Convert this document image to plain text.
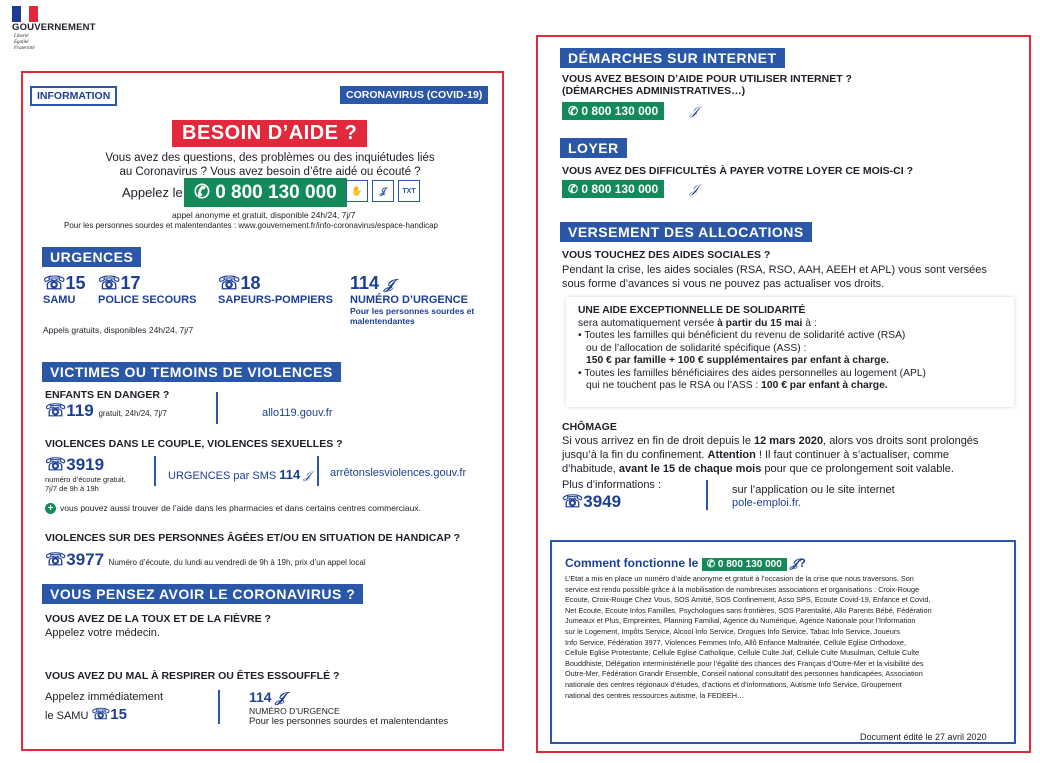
GOUVERNEMENT
Liberté
Égalité
Fraternité
INFORMATION	CORONAVIRUS (COVID-19)
BESOIN D’AIDE ?
Vous avez des questions, des problèmes ou des inquiétudes liés
au Coronavirus ? Vous avez besoin d’être aidé ou écouté ?
Appelez le ✆ 0 800 130 000	✋	𝒥	TXT
appel anonyme et gratuit, disponible 24h/24, 7j/7
Pour les personnes sourdes et malentendantes : www.gouvernement.fr/info-coronavirus/espace-handicap
URGENCES
☏15
SAMU
☏17
POLICE SECOURS
☏18
SAPEURS-POMPIERS
114 𝒥
NUMÉRO D’URGENCE
Pour les personnes sourdes et malentendantes
Appels gratuits, disponibles 24h/24, 7j/7
VICTIMES OU TEMOINS DE VIOLENCES
ENFANTS EN DANGER ?
☏119 gratuit, 24h/24, 7j/7	allo119.gouv.fr
VIOLENCES DANS LE COUPLE, VIOLENCES SEXUELLES ?
☏3919
numéro d’écoute gratuit,
7j/7 de 9h à 19h
URGENCES par SMS 114 𝒥 arrêtonslesviolences.gouv.fr
+ vous pouvez aussi trouver de l’aide dans les pharmacies et dans certains centres commerciaux.
VIOLENCES SUR DES PERSONNES ÂGÉES ET/OU EN SITUATION DE HANDICAP ?
☏3977 Numéro d’écoute, du lundi au vendredi de 9h à 19h, prix d’un appel local
VOUS PENSEZ AVOIR LE CORONAVIRUS ?
VOUS AVEZ DE LA TOUX ET DE LA FIÈVRE ?
Appelez votre médecin.
VOUS AVEZ DU MAL À RESPIRER OU ÊTES ESSOUFFLÉ ?
Appelez immédiatement
le SAMU ☏15
114 𝒥
NUMÉRO D’URGENCE
Pour les personnes sourdes et malentendantes
DÉMARCHES SUR INTERNET
VOUS AVEZ BESOIN D’AIDE POUR UTILISER INTERNET ?
(DÉMARCHES ADMINISTRATIVES…)
✆ 0 800 130 000	𝒥
LOYER
VOUS AVEZ DES DIFFICULTÉS À PAYER VOTRE LOYER CE MOIS-CI ?
✆ 0 800 130 000	𝒥
VERSEMENT DES ALLOCATIONS
VOUS TOUCHEZ DES AIDES SOCIALES ?
Pendant la crise, les aides sociales (RSA, RSO, AAH, AEEH et APL) vous sont versées
sous forme d’avances si vous ne pouvez pas actualiser vos droits.
UNE AIDE EXCEPTIONNELLE DE SOLIDARITÉ
sera automatiquement versée à partir du 15 mai à :
• Toutes les familles qui bénéficient du revenu de solidarité active (RSA)
ou de l’allocation de solidarité spécifique (ASS) :
150 € par famille + 100 € supplémentaires par enfant à charge.
• Toutes les familles bénéficiaires des aides personnelles au logement (APL)
qui ne touchent pas le RSA ou l’ASS : 100 € par enfant à charge.
CHÔMAGE
Si vous arrivez en fin de droit depuis le 12 mars 2020, alors vos droits sont prolongés
jusqu’à la fin du confinement. Attention ! Il faut continuer à s’actualiser, comme
d’habitude, avant le 15 de chaque mois pour que ce prolongement soit valable.
Plus d’informations :
☏3949
sur l’application ou le site internet
pole-emploi.fr.
Comment fonctionne le ✆ 0 800 130 000 𝒥?
L’Etat a mis en place un numéro d’aide anonyme et gratuit à l’occasion de la crise que nous traversons. Son
service est rendu possible grâce à la mobilisation de nombreuses associations et organisations : Croix-Rouge
Ecoute, Croix-Rouge Chez Vous, SOS Amitié, SOS Confinement, Asso SPS, Ecoute Covid-19, Enfance et Covid,
Net Ecoute, Ecoute Infos Familles, Psychologues sans frontières, SOS Parentalité, Allo Parents Bébé, Fédération
Jumeaux et Plus, Empreintes, Planning Familial, Agence du Numérique, Agence Nationale pour l’Information
sur le Logement, Impôts Service, Alcool Info Service, Drogues Info Service, Tabac Info Service, Joueurs
Info Service, Fédération 3977, Violences Femmes Info, Allô Enfance Maltraitée, Cellule Eglise Orthodoxe,
Cellule Eglise Protestante, Cellule Eglise Catholique, Cellule Culte Juif, Cellule Culte Musulman, Cellule Culte
Bouddhiste, Délégation interministérielle pour l’égalité des chances des Français d’Outre-Mer et la visibilité des
Outre-Mer, Fédération Grandir Ensemble, Conseil national consultatif des personnes handicapées, Association
nationale des centres régionaux d’études, d’actions et d’informations, Autisme Info Service, Groupement
national des centres ressources autisme, la FEDEEH…
Document édité le 27 avril 2020
